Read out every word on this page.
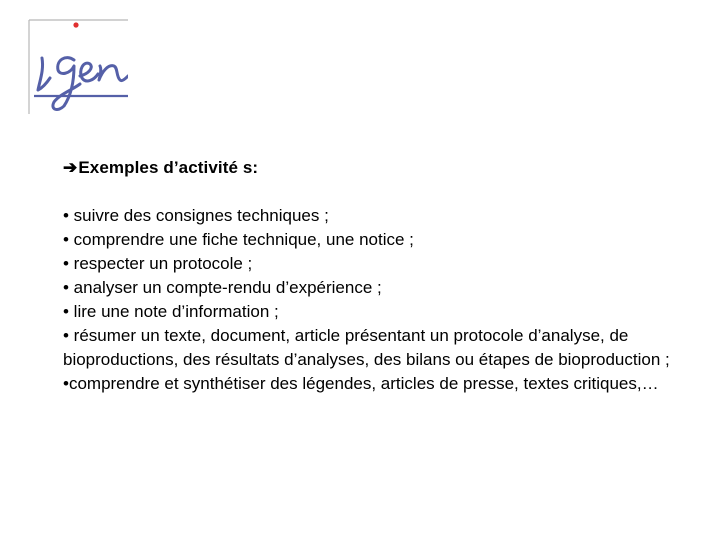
➔Exemples d’activité s:
• suivre des consignes techniques ;
• comprendre une fiche technique, une notice ;
• respecter un protocole ;
• analyser un compte-rendu d’expérience ;
• lire une note d’information ;
• résumer un texte, document, article présentant un protocole d’analyse, de bioproductions, des résultats d’analyses, des bilans ou étapes de bioproduction ;
•comprendre et synthétiser des légendes, articles de presse, textes critiques,…
